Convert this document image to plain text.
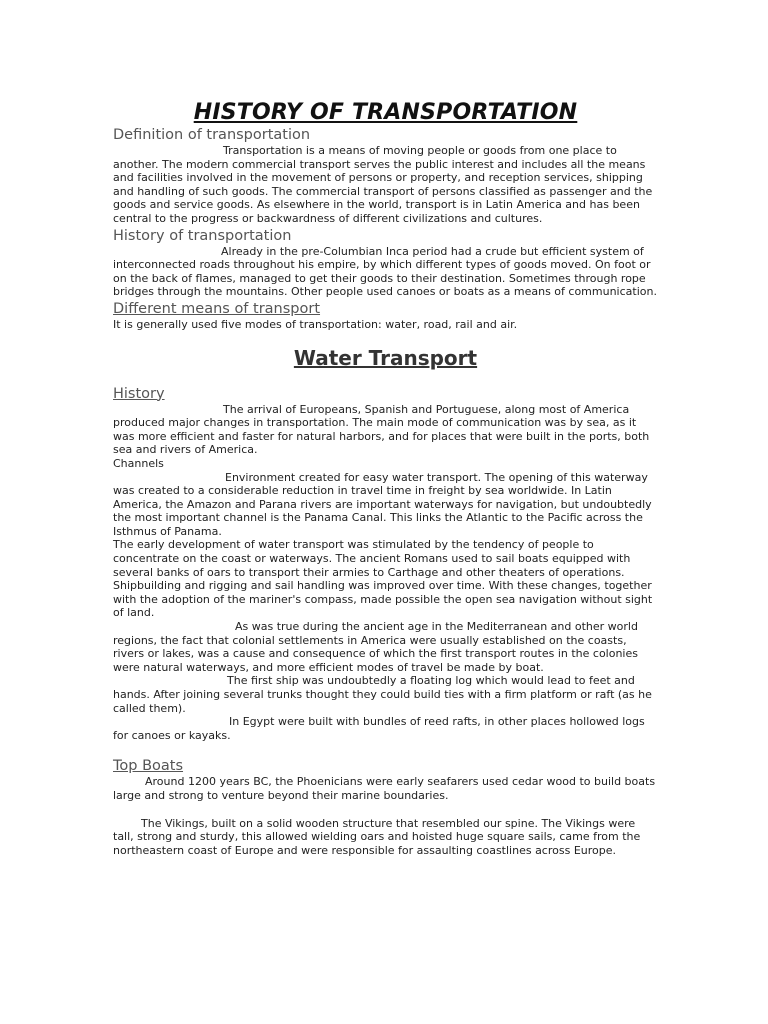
HISTORY OF TRANSPORTATION
Definition of transportation

Transportation is a means of moving people or goods from one place to another. The modern commercial transport serves the public interest and includes all the means and facilities involved in the movement of persons or property, and reception services, shipping and handling of such goods. The commercial transport of persons classified as passenger and the goods and service goods. As elsewhere in the world, transport is in Latin America and has been central to the progress or backwardness of different civilizations and cultures.

History of transportation

Already in the pre-Columbian Inca period had a crude but efficient system of interconnected roads throughout his empire, by which different types of goods moved. On foot or on the back of flames, managed to get their goods to their destination. Sometimes through rope bridges through the mountains. Other people used canoes or boats as a means of communication.

Different means of transport

It is generally used five modes of transportation: water, road, rail and air.

Water Transport
History

The arrival of Europeans, Spanish and Portuguese, along most of America produced major changes in transportation. The main mode of communication was by sea, as it was more efficient and faster for natural harbors, and for places that were built in the ports, both sea and rivers of America.

Channels

Environment created for easy water transport. The opening of this waterway was created to a considerable reduction in travel time in freight by sea worldwide. In Latin America, the Amazon and Parana rivers are important waterways for navigation, but undoubtedly the most important channel is the Panama Canal. This links the Atlantic to the Pacific across the Isthmus of Panama.

The early development of water transport was stimulated by the tendency of people to concentrate on the coast or waterways. The ancient Romans used to sail boats equipped with several banks of oars to transport their armies to Carthage and other theaters of operations. Shipbuilding and rigging and sail handling was improved over time. With these changes, together with the adoption of the mariner's compass, made possible the open sea navigation without sight of land.

As was true during the ancient age in the Mediterranean and other world regions, the fact that colonial settlements in America were usually established on the coasts, rivers or lakes, was a cause and consequence of which the first transport routes in the colonies were natural waterways, and more efficient modes of travel be made by boat.

The first ship was undoubtedly a floating log which would lead to feet and hands. After joining several trunks thought they could build ties with a firm platform or raft (as he called them).

In Egypt were built with bundles of reed rafts, in other places hollowed logs for canoes or kayaks.

Top Boats

Around 1200 years BC, the Phoenicians were early seafarers used cedar wood to build boats large and strong to venture beyond their marine boundaries.

The Vikings, built on a solid wooden structure that resembled our spine. The Vikings were tall, strong and sturdy, this allowed wielding oars and hoisted huge square sails, came from the northeastern coast of Europe and were responsible for assaulting coastlines across Europe.
